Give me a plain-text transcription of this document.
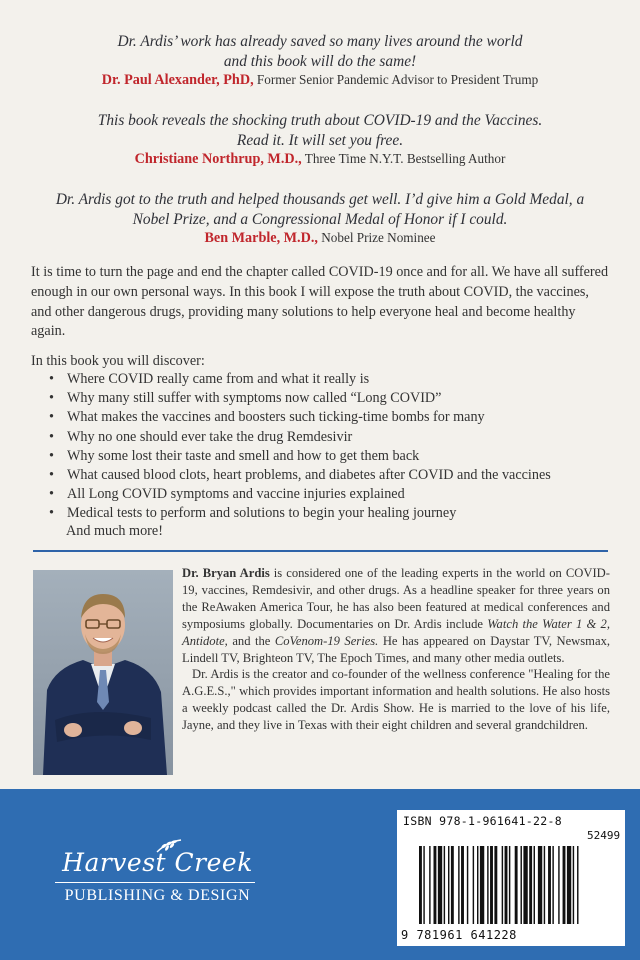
Dr. Ardis’ work has already saved so many lives around the world
and this book will do the same!
Dr. Paul Alexander, PhD, Former Senior Pandemic Advisor to President Trump
This book reveals the shocking truth about COVID-19 and the Vaccines.
Read it. It will set you free.
Christiane Northrup, M.D., Three Time N.Y.T. Bestselling Author
Dr. Ardis got to the truth and helped thousands get well. I’d give him a Gold Medal, a
Nobel Prize, and a Congressional Medal of Honor if I could.
Ben Marble, M.D., Nobel Prize Nominee
It is time to turn the page and end the chapter called COVID-19 once and for all. We have all suffered enough in our own personal ways. In this book I will expose the truth about COVID, the vaccines, and other dangerous drugs, providing many solutions to help everyone heal and become healthy again.
In this book you will discover:
• Where COVID really came from and what it really is
• Why many still suffer with symptoms now called “Long COVID”
• What makes the vaccines and boosters such ticking-time bombs for many
• Why no one should ever take the drug Remdesivir
• Why some lost their taste and smell and how to get them back
• What caused blood clots, heart problems, and diabetes after COVID and the vaccines
• All Long COVID symptoms and vaccine injuries explained
• Medical tests to perform and solutions to begin your healing journey
And much more!

Dr. Bryan Ardis is considered one of the leading experts in the world on COVID-19, vaccines, Remdesivir, and other drugs. As a headline speaker for three years on the ReAwaken America Tour, he has also been featured at medical conferences and symposiums globally. Documentaries on Dr. Ardis include Watch the Water 1 & 2, Antidote, and the CoVenom-19 Series. He has appeared on Daystar TV, Newsmax, Lindell TV, Brighteon TV, The Epoch Times, and many other media outlets.

Dr. Ardis is the creator and co-founder of the wellness conference "Healing for the A.G.E.S.," which provides important information and health solutions. He also hosts a weekly podcast called the Dr. Ardis Show. He is married to the love of his life, Jayne, and they live in Texas with their eight children and several grandchildren.

Harvest Creek
PUBLISHING & DESIGN
ISBN 978-1-961641-22-8
52499
9 781961 641228
